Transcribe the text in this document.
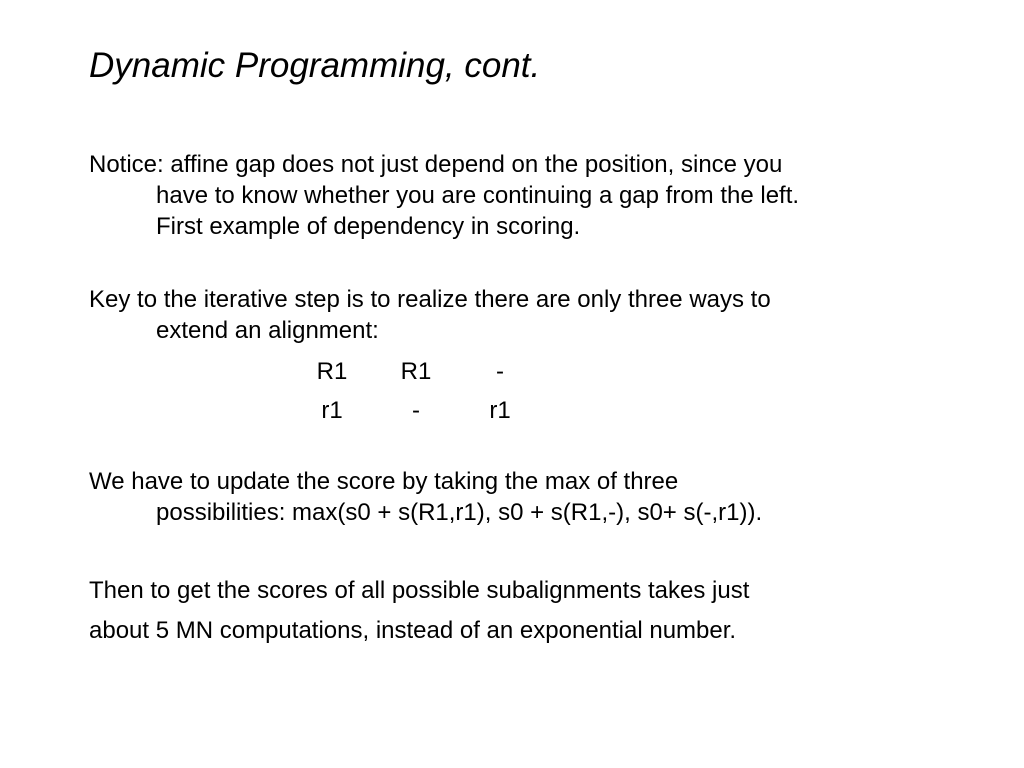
Dynamic Programming, cont.
Notice: affine gap does not just depend on the position, since you
have to know whether you are continuing a gap from the left.
First example of dependency in scoring.
Key to the iterative step is to realize there are only three ways to
extend an alignment:
R1	R1	-
r1	-	r1
We have to update the score by taking the max of three
possibilities: max(s0 + s(R1,r1), s0 + s(R1,-), s0+ s(-,r1)).
Then to get the scores of all possible subalignments takes just
about 5 MN computations, instead of an exponential number.
